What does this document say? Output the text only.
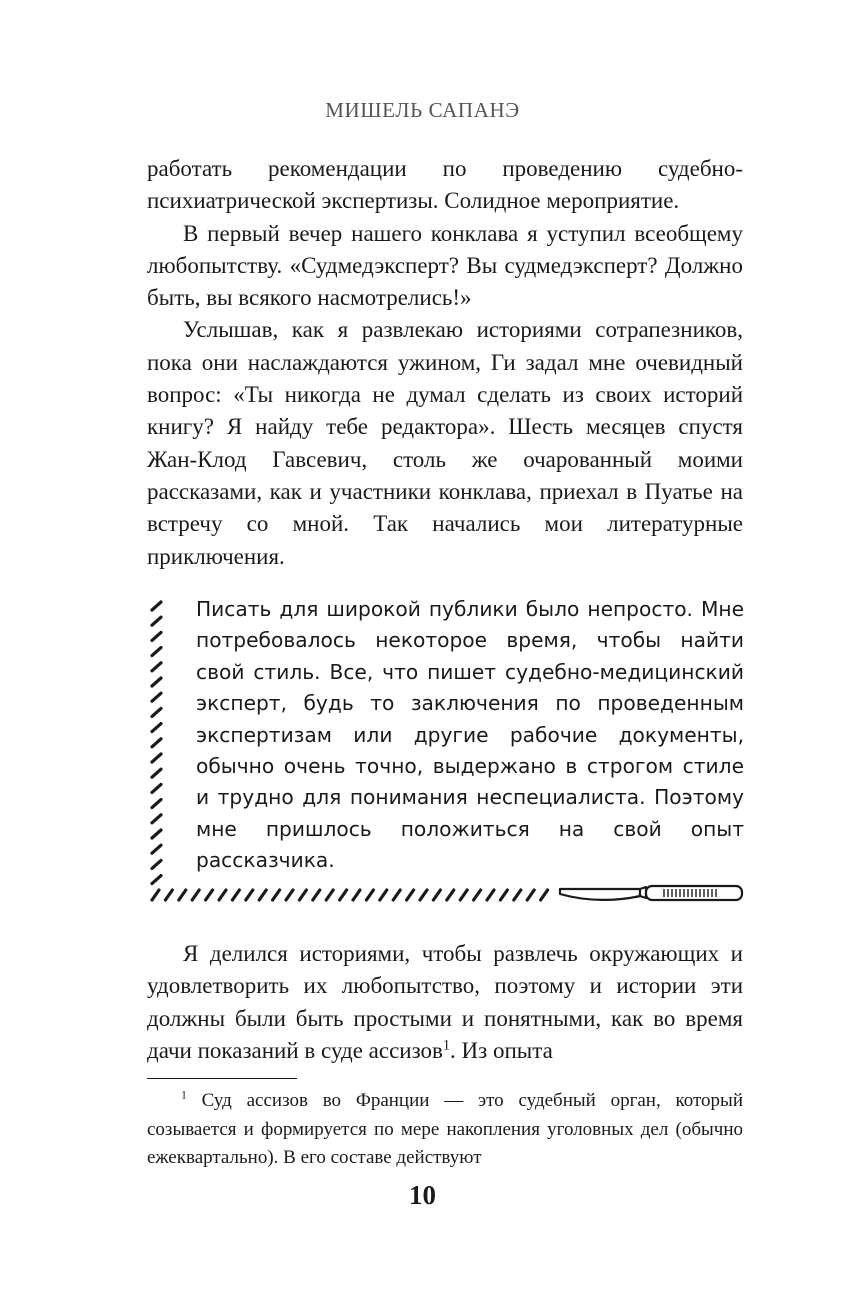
МИШЕЛЬ САПАНЭ

работать рекомендации по проведению судебно-психиатрической экспертизы. Солидное мероприятие.

В первый вечер нашего конклава я уступил всеобщему любопытству. «Судмедэксперт? Вы судмедэксперт? Должно быть, вы всякого насмотрелись!»

Услышав, как я развлекаю историями сотрапезников, пока они наслаждаются ужином, Ги задал мне очевидный вопрос: «Ты никогда не думал сделать из своих историй книгу? Я найду тебе редактора». Шесть месяцев спустя Жан-Клод Гавсевич, столь же очарованный моими рассказами, как и участники конклава, приехал в Пуатье на встречу со мной. Так начались мои литературные приключения.

Писать для широкой публики было непросто. Мне потребовалось некоторое время, чтобы найти свой стиль. Все, что пишет судебно-медицинский эксперт, будь то заключения по проведенным экспертизам или другие рабочие документы, обычно очень точно, выдержано в строгом стиле и трудно для понимания неспециалиста. Поэтому мне пришлось положиться на свой опыт рассказчика.

Я делился историями, чтобы развлечь окружающих и удовлетворить их любопытство, поэтому и истории эти должны были быть простыми и понятными, как во время дачи показаний в суде ассизов$^1$. Из опыта

$^1$ Суд ассизов во Франции — это судебный орган, который созывается и формируется по мере накопления уголовных дел (обычно ежеквартально). В его составе действуют

10
